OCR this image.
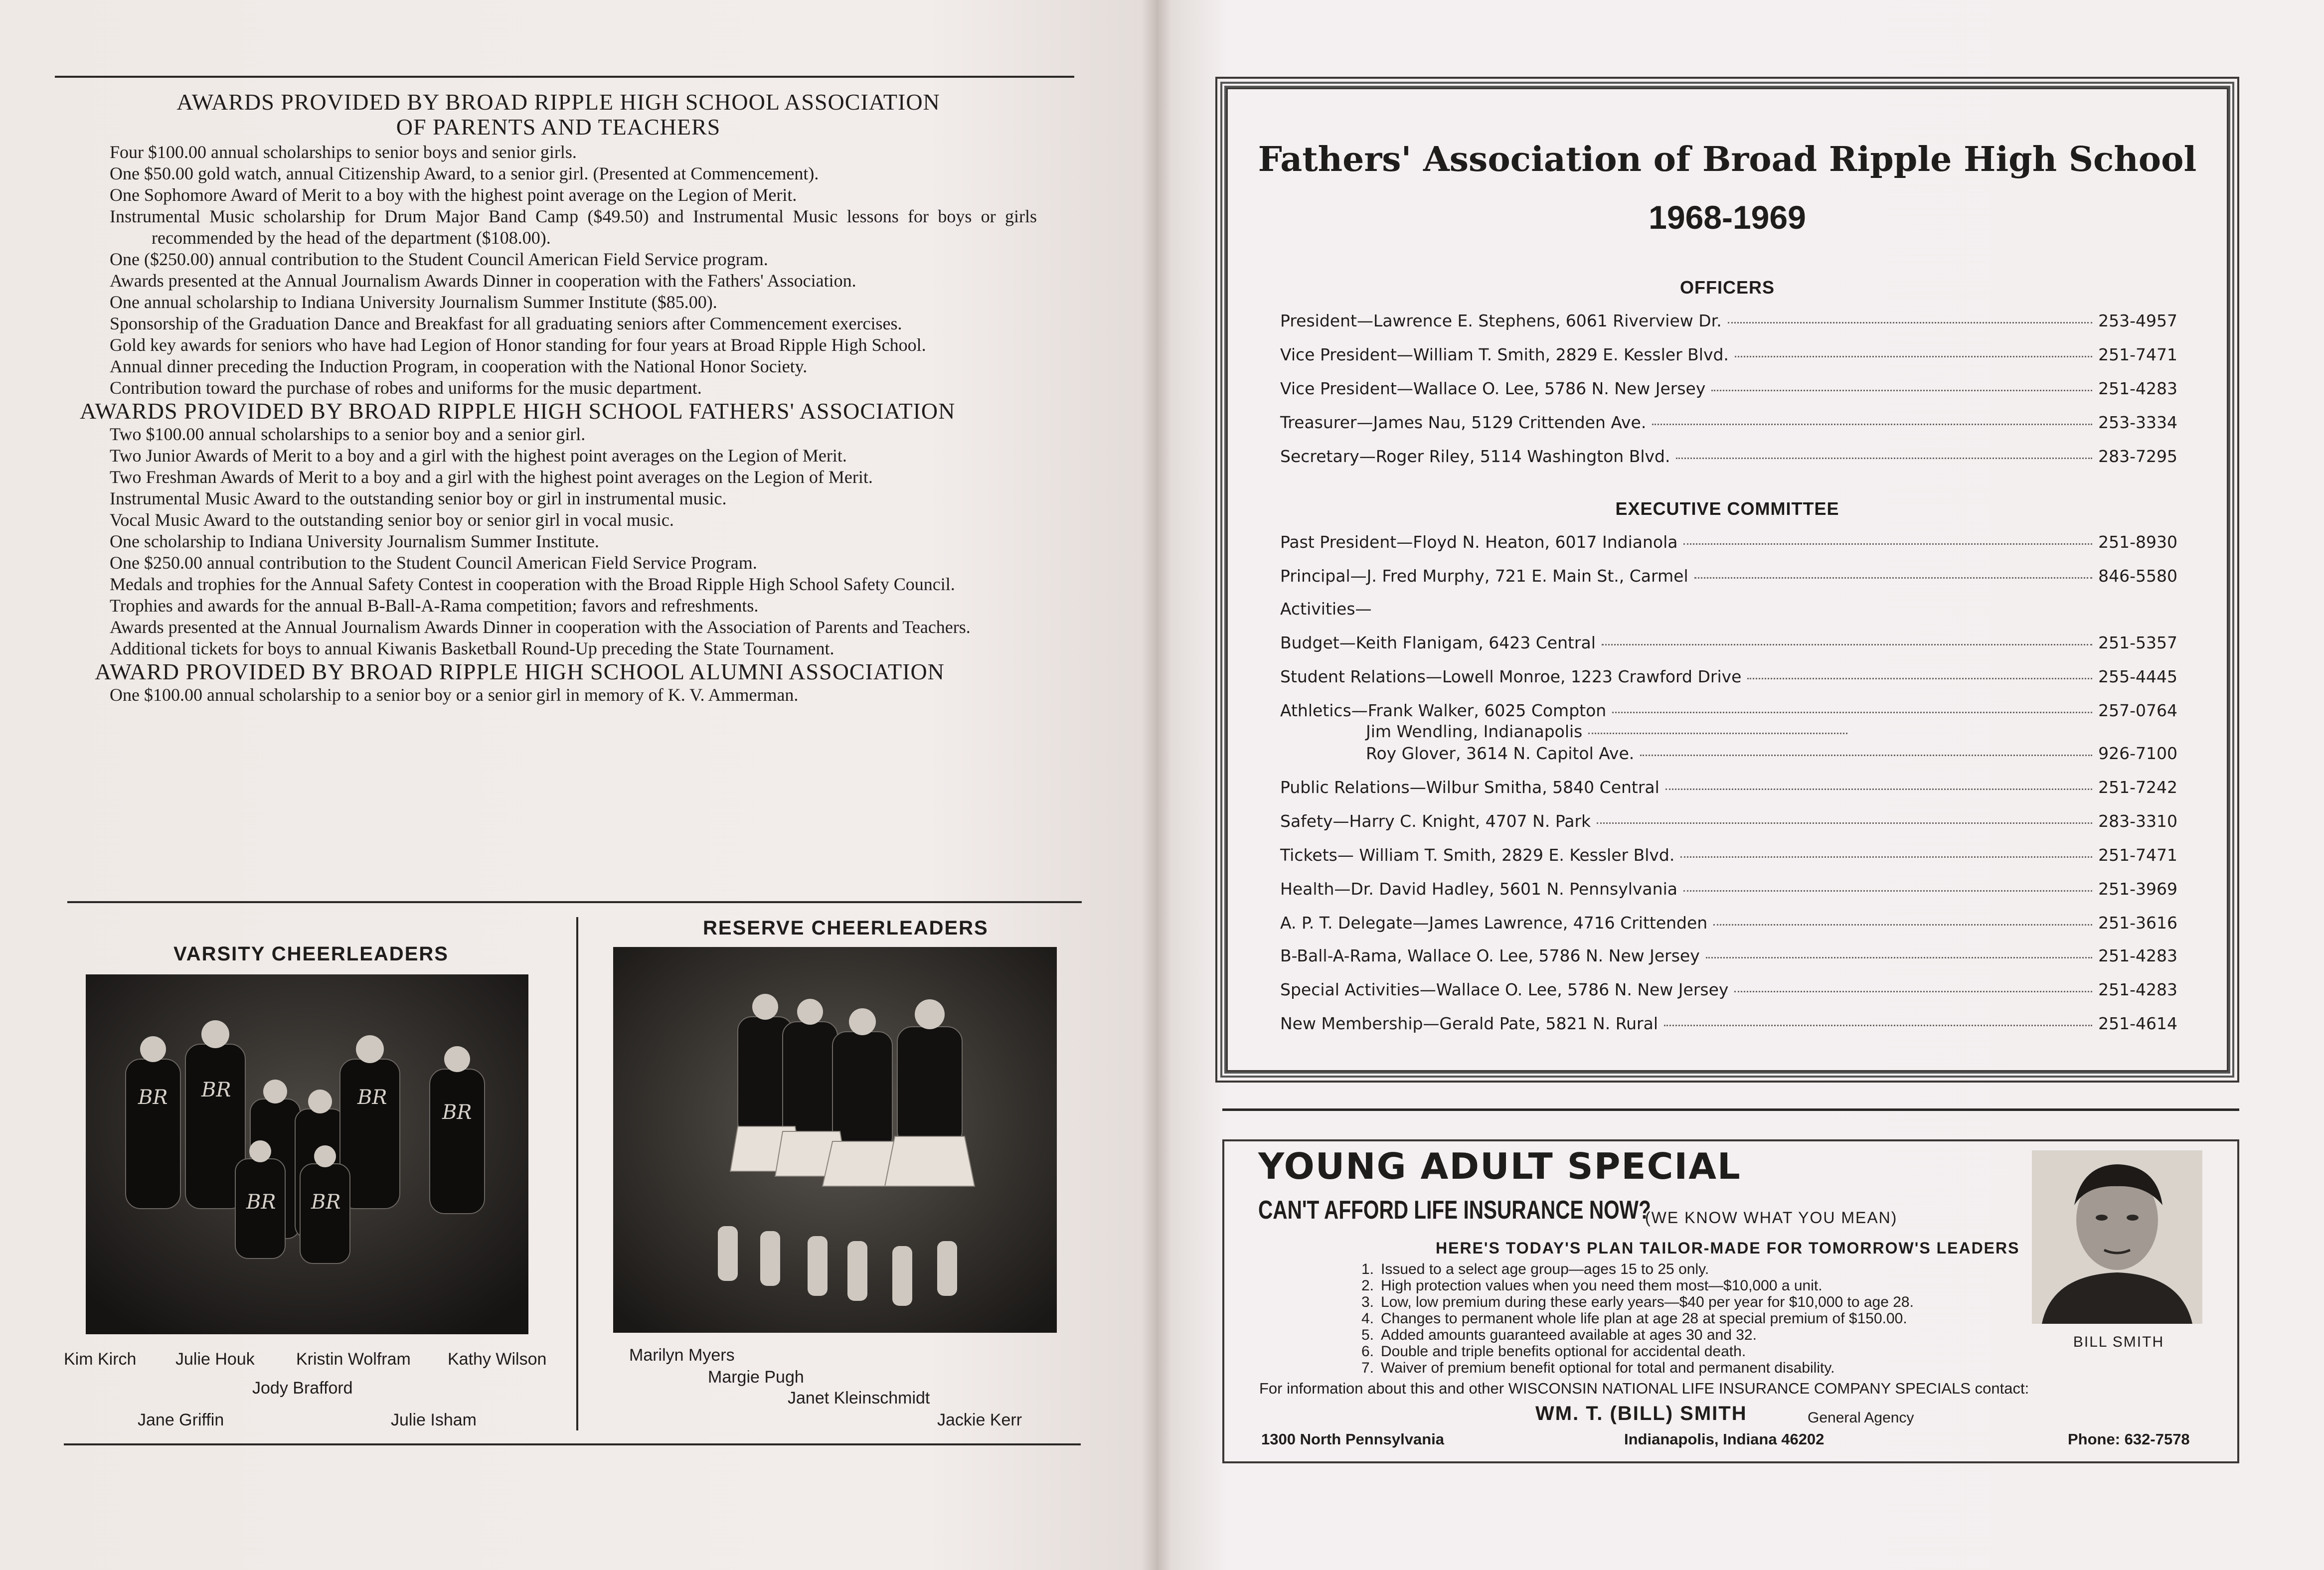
AWARDS PROVIDED BY BROAD RIPPLE HIGH SCHOOL ASSOCIATION
OF PARENTS AND TEACHERS
Four $100.00 annual scholarships to senior boys and senior girls.
One $50.00 gold watch, annual Citizenship Award, to a senior girl. (Presented at Commencement).
One Sophomore Award of Merit to a boy with the highest point average on the Legion of Merit.
Instrumental Music scholarship for Drum Major Band Camp ($49.50) and Instrumental Music lessons for boys or girls recommended by the head of the department ($108.00).
One ($250.00) annual contribution to the Student Council American Field Service program.
Awards presented at the Annual Journalism Awards Dinner in cooperation with the Fathers' Association.
One annual scholarship to Indiana University Journalism Summer Institute ($85.00).
Sponsorship of the Graduation Dance and Breakfast for all graduating seniors after Commencement exercises.
Gold key awards for seniors who have had Legion of Honor standing for four years at Broad Ripple High School.
Annual dinner preceding the Induction Program, in cooperation with the National Honor Society.
Contribution toward the purchase of robes and uniforms for the music department.
AWARDS PROVIDED BY BROAD RIPPLE HIGH SCHOOL FATHERS' ASSOCIATION
Two $100.00 annual scholarships to a senior boy and a senior girl.
Two Junior Awards of Merit to a boy and a girl with the highest point averages on the Legion of Merit.
Two Freshman Awards of Merit to a boy and a girl with the highest point averages on the Legion of Merit.
Instrumental Music Award to the outstanding senior boy or girl in instrumental music.
Vocal Music Award to the outstanding senior boy or senior girl in vocal music.
One scholarship to Indiana University Journalism Summer Institute.
One $250.00 annual contribution to the Student Council American Field Service Program.
Medals and trophies for the Annual Safety Contest in cooperation with the Broad Ripple High School Safety Council.
Trophies and awards for the annual B-Ball-A-Rama competition; favors and refreshments.
Awards presented at the Annual Journalism Awards Dinner in cooperation with the Association of Parents and Teachers.
Additional tickets for boys to annual Kiwanis Basketball Round-Up preceding the State Tournament.
AWARD PROVIDED BY BROAD RIPPLE HIGH SCHOOL ALUMNI ASSOCIATION
One $100.00 annual scholarship to a senior boy or a senior girl in memory of K. V. Ammerman.
VARSITY CHEERLEADERS
BR BR	BR
BR
BR BR
Kim Kirch Julie Houk Kristin Wolfram Kathy Wilson
Jody Brafford
Jane Griffin	Julie Isham
RESERVE CHEERLEADERS
Marilyn Myers
Margie Pugh
Janet Kleinschmidt
Jackie Kerr
Fathers' Association of Broad Ripple High School
1968-1969
OFFICERS
President—Lawrence E. Stephens, 6061 Riverview Dr.	253-4957
Vice President—William T. Smith, 2829 E. Kessler Blvd.	251-7471
Vice President—Wallace O. Lee, 5786 N. New Jersey	251-4283
Treasurer—James Nau, 5129 Crittenden Ave.	253-3334
Secretary—Roger Riley, 5114 Washington Blvd.	283-7295
EXECUTIVE COMMITTEE
Past President—Floyd N. Heaton, 6017 Indianola	251-8930
Principal—J. Fred Murphy, 721 E. Main St., Carmel	846-5580
Activities—
Budget—Keith Flanigam, 6423 Central	251-5357
Student Relations—Lowell Monroe, 1223 Crawford Drive	255-4445
Athletics—Frank Walker, 6025 Compton	257-0764
Jim Wendling, Indianapolis
Roy Glover, 3614 N. Capitol Ave.	926-7100
Public Relations—Wilbur Smitha, 5840 Central	251-7242
Safety—Harry C. Knight, 4707 N. Park	283-3310
Tickets— William T. Smith, 2829 E. Kessler Blvd.	251-7471
Health—Dr. David Hadley, 5601 N. Pennsylvania	251-3969
A. P. T. Delegate—James Lawrence, 4716 Crittenden	251-3616
B-Ball-A-Rama, Wallace O. Lee, 5786 N. New Jersey	251-4283
Special Activities—Wallace O. Lee, 5786 N. New Jersey	251-4283
New Membership—Gerald Pate, 5821 N. Rural	251-4614
YOUNG ADULT SPECIAL
CAN'T AFFORD LIFE INSURANCE NOW?
(WE KNOW WHAT YOU MEAN)
HERE'S TODAY'S PLAN TAILOR-MADE FOR TOMORROW'S LEADERS
1. Issued to a select age group—ages 15 to 25 only.
2. High protection values when you need them most—$10,000 a unit.
3. Low, low premium during these early years—$40 per year for $10,000 to age 28.
4. Changes to permanent whole life plan at age 28 at special premium of $150.00.
5. Added amounts guaranteed available at ages 30 and 32.
6. Double and triple benefits optional for accidental death.
7. Waiver of premium benefit optional for total and permanent disability.
For information about this and other WISCONSIN NATIONAL LIFE INSURANCE COMPANY SPECIALS contact:
WM. T. (BILL) SMITH	General Agency
1300 North Pennsylvania	Indianapolis, Indiana 46202	Phone: 632-7578
BILL SMITH
